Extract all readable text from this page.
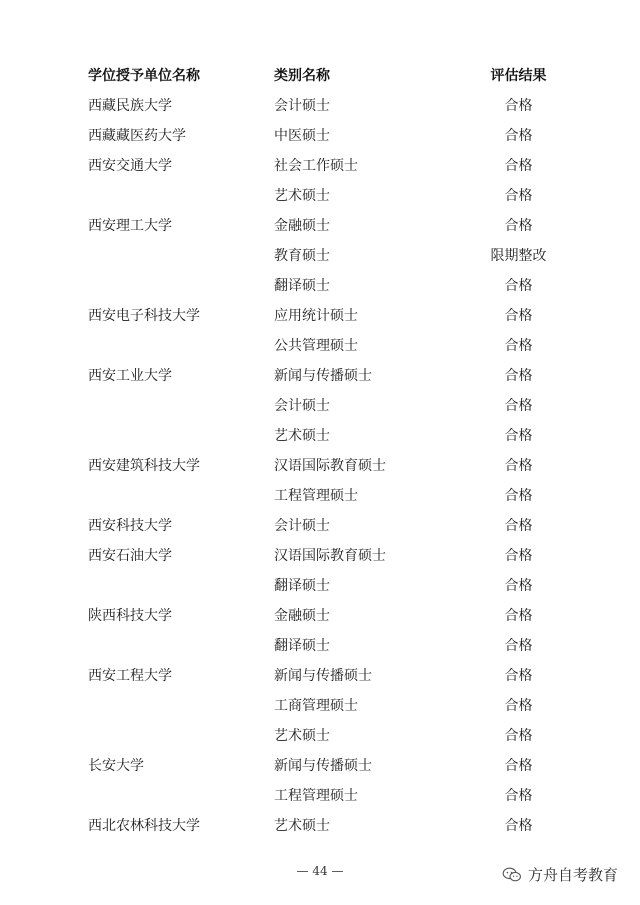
学位授予单位名称	类别名称	评估结果
西藏民族大学	会计硕士	合格
西藏藏医药大学	中医硕士	合格
西安交通大学	社会工作硕士	合格
	艺术硕士	合格
西安理工大学	金融硕士	合格
	教育硕士	限期整改
	翻译硕士	合格
西安电子科技大学	应用统计硕士	合格
	公共管理硕士	合格
西安工业大学	新闻与传播硕士	合格
	会计硕士	合格
	艺术硕士	合格
西安建筑科技大学	汉语国际教育硕士	合格
	工程管理硕士	合格
西安科技大学	会计硕士	合格
西安石油大学	汉语国际教育硕士	合格
	翻译硕士	合格
陕西科技大学	金融硕士	合格
	翻译硕士	合格
西安工程大学	新闻与传播硕士	合格
	工商管理硕士	合格
	艺术硕士	合格
长安大学	新闻与传播硕士	合格
	工程管理硕士	合格
西北农林科技大学	艺术硕士	合格
— 44 —	方舟自考教育
